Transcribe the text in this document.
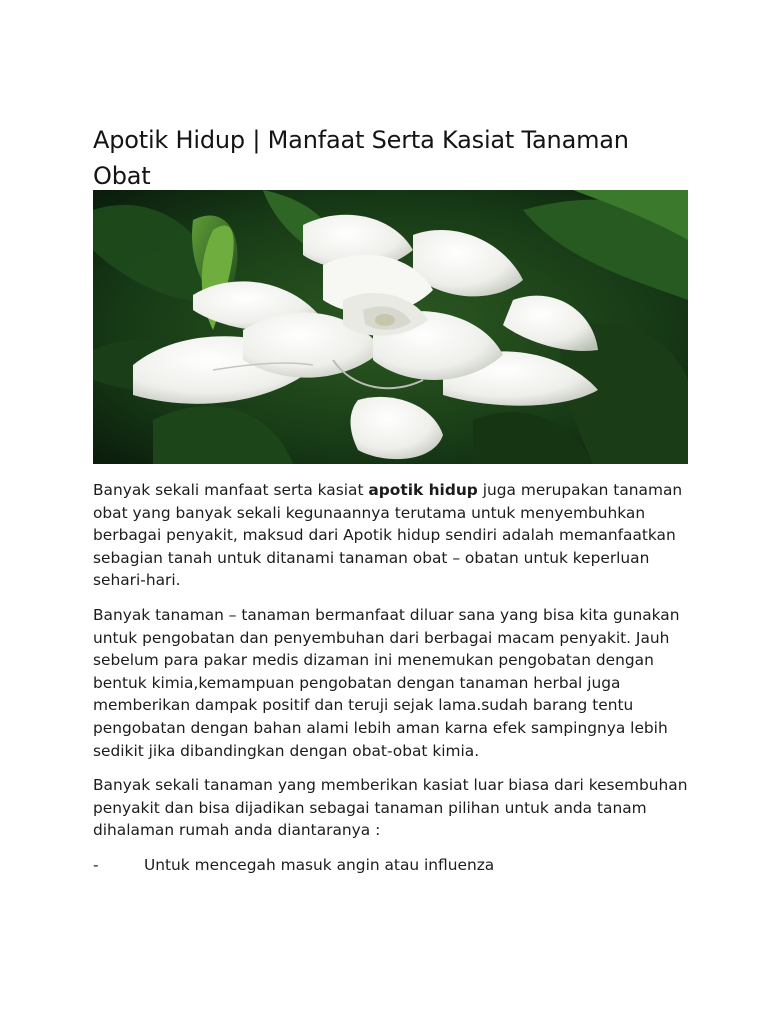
Apotik Hidup | Manfaat Serta Kasiat Tanaman Obat

Banyak sekali manfaat serta kasiat apotik hidup juga merupakan tanaman obat yang banyak sekali kegunaannya terutama untuk menyembuhkan berbagai penyakit, maksud dari Apotik hidup sendiri adalah memanfaatkan sebagian tanah untuk ditanami tanaman obat – obatan untuk keperluan sehari-hari.

Banyak tanaman – tanaman bermanfaat diluar sana yang bisa kita gunakan untuk pengobatan dan penyembuhan dari berbagai macam penyakit. Jauh sebelum para pakar medis dizaman ini menemukan pengobatan dengan bentuk kimia,kemampuan pengobatan dengan tanaman herbal juga memberikan dampak positif dan teruji sejak lama.sudah barang tentu pengobatan dengan bahan alami lebih aman karna efek sampingnya lebih sedikit jika dibandingkan dengan obat-obat kimia.

Banyak sekali tanaman yang memberikan kasiat luar biasa dari kesembuhan penyakit dan bisa dijadikan sebagai tanaman pilihan untuk anda tanam dihalaman rumah anda diantaranya :

-	Untuk mencegah masuk angin atau influenza
